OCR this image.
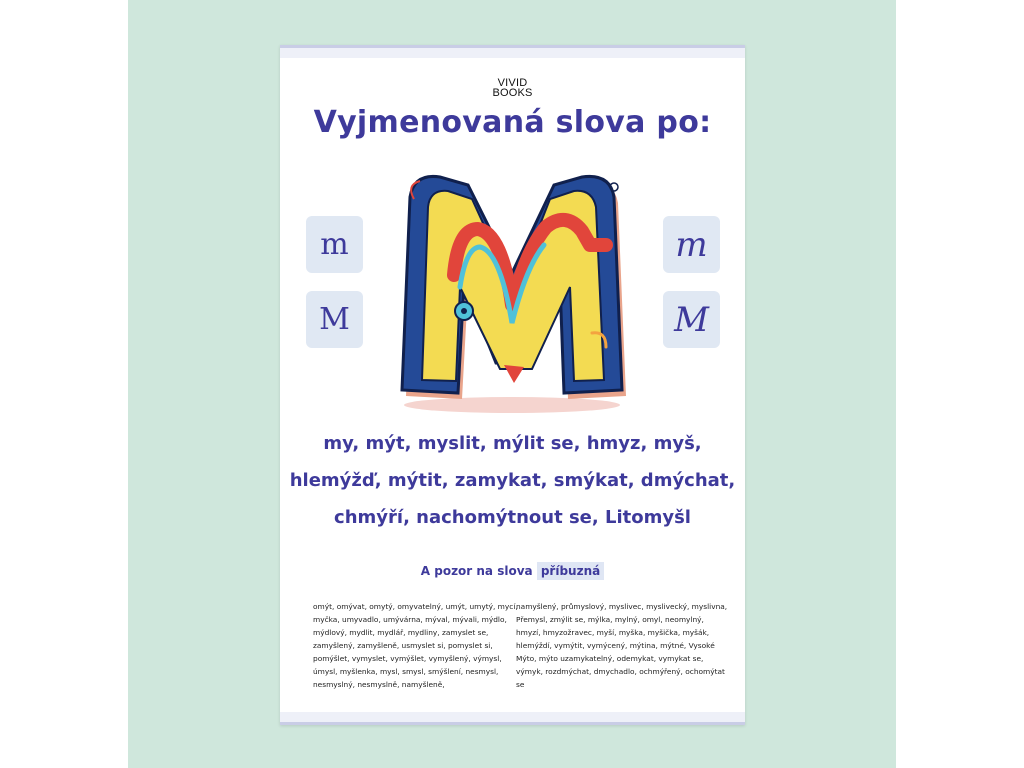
VIVID
BOOKS
Vyjmenovaná slova po:
m
M
m
M
my, mýt, myslit, mýlit se, hmyz, myš,
hlemýžď, mýtit, zamykat, smýkat, dmýchat,
chmýří, nachomýtnout se, Litomyšl
A pozor na slova příbuzná
omýt, omývat, omytý, omyvatelný, umýt, umytý, mycí, myčka, umyvadlo, umývárna, mýval, mývali, mýdlo, mýdlový, mydlit, mydlář, mydliny, zamyslet se, zamyšlený, zamyšleně, usmyslet si, pomyslet si, pomýšlet, vymyslet, vymýšlet, vymyšlený, výmysl, úmysl, myšlenka, mysl, smysl, smýšlení, nesmysl, nesmyslný, nesmyslně, namyšleně,
namyšlený, průmyslový, myslivec, myslivecký, myslivna, Přemysl, zmýlit se, mýlka, mylný, omyl, neomylný, hmyzí, hmyzožravec, myší, myška, myšička, myšák, hlemýždí, vymýtit, vymýcený, mýtina, mýtné, Vysoké Mýto, mýto uzamykatelný, odemykat, vymykat se, výmyk, rozdmýchat, dmychadlo, ochmýřený, ochomýtat se
